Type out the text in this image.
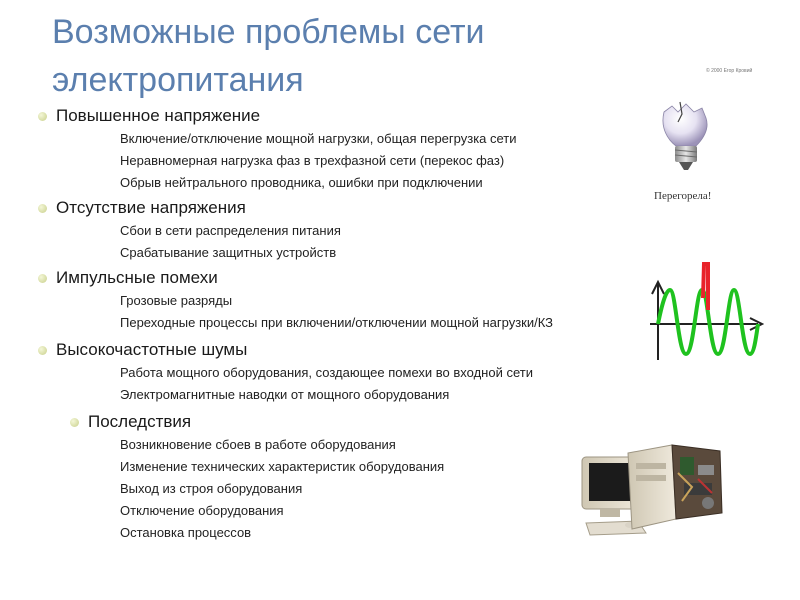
Возможные проблемы сети
электропитания
Повышенное напряжение
Включение/отключение мощной нагрузки, общая перегрузка сети
Неравномерная нагрузка фаз в трехфазной сети (перекос фаз)
Обрыв нейтрального проводника, ошибки при подключении
Отсутствие напряжения
Сбои в сети распределения питания
Срабатывание защитных устройств
Импульсные помехи
Грозовые разряды
Переходные процессы при включении/отключении мощной нагрузки/КЗ
Высокочастотные шумы
Работа мощного оборудования, создающее помехи во входной сети
Электромагнитные наводки от мощного оборудования
Последствия
Возникновение сбоев в работе оборудования
Изменение технических характеристик оборудования
Выход из строя оборудования
Отключение оборудования
Остановка процессов
© 2000 Егор Кровий
Перегорела!
